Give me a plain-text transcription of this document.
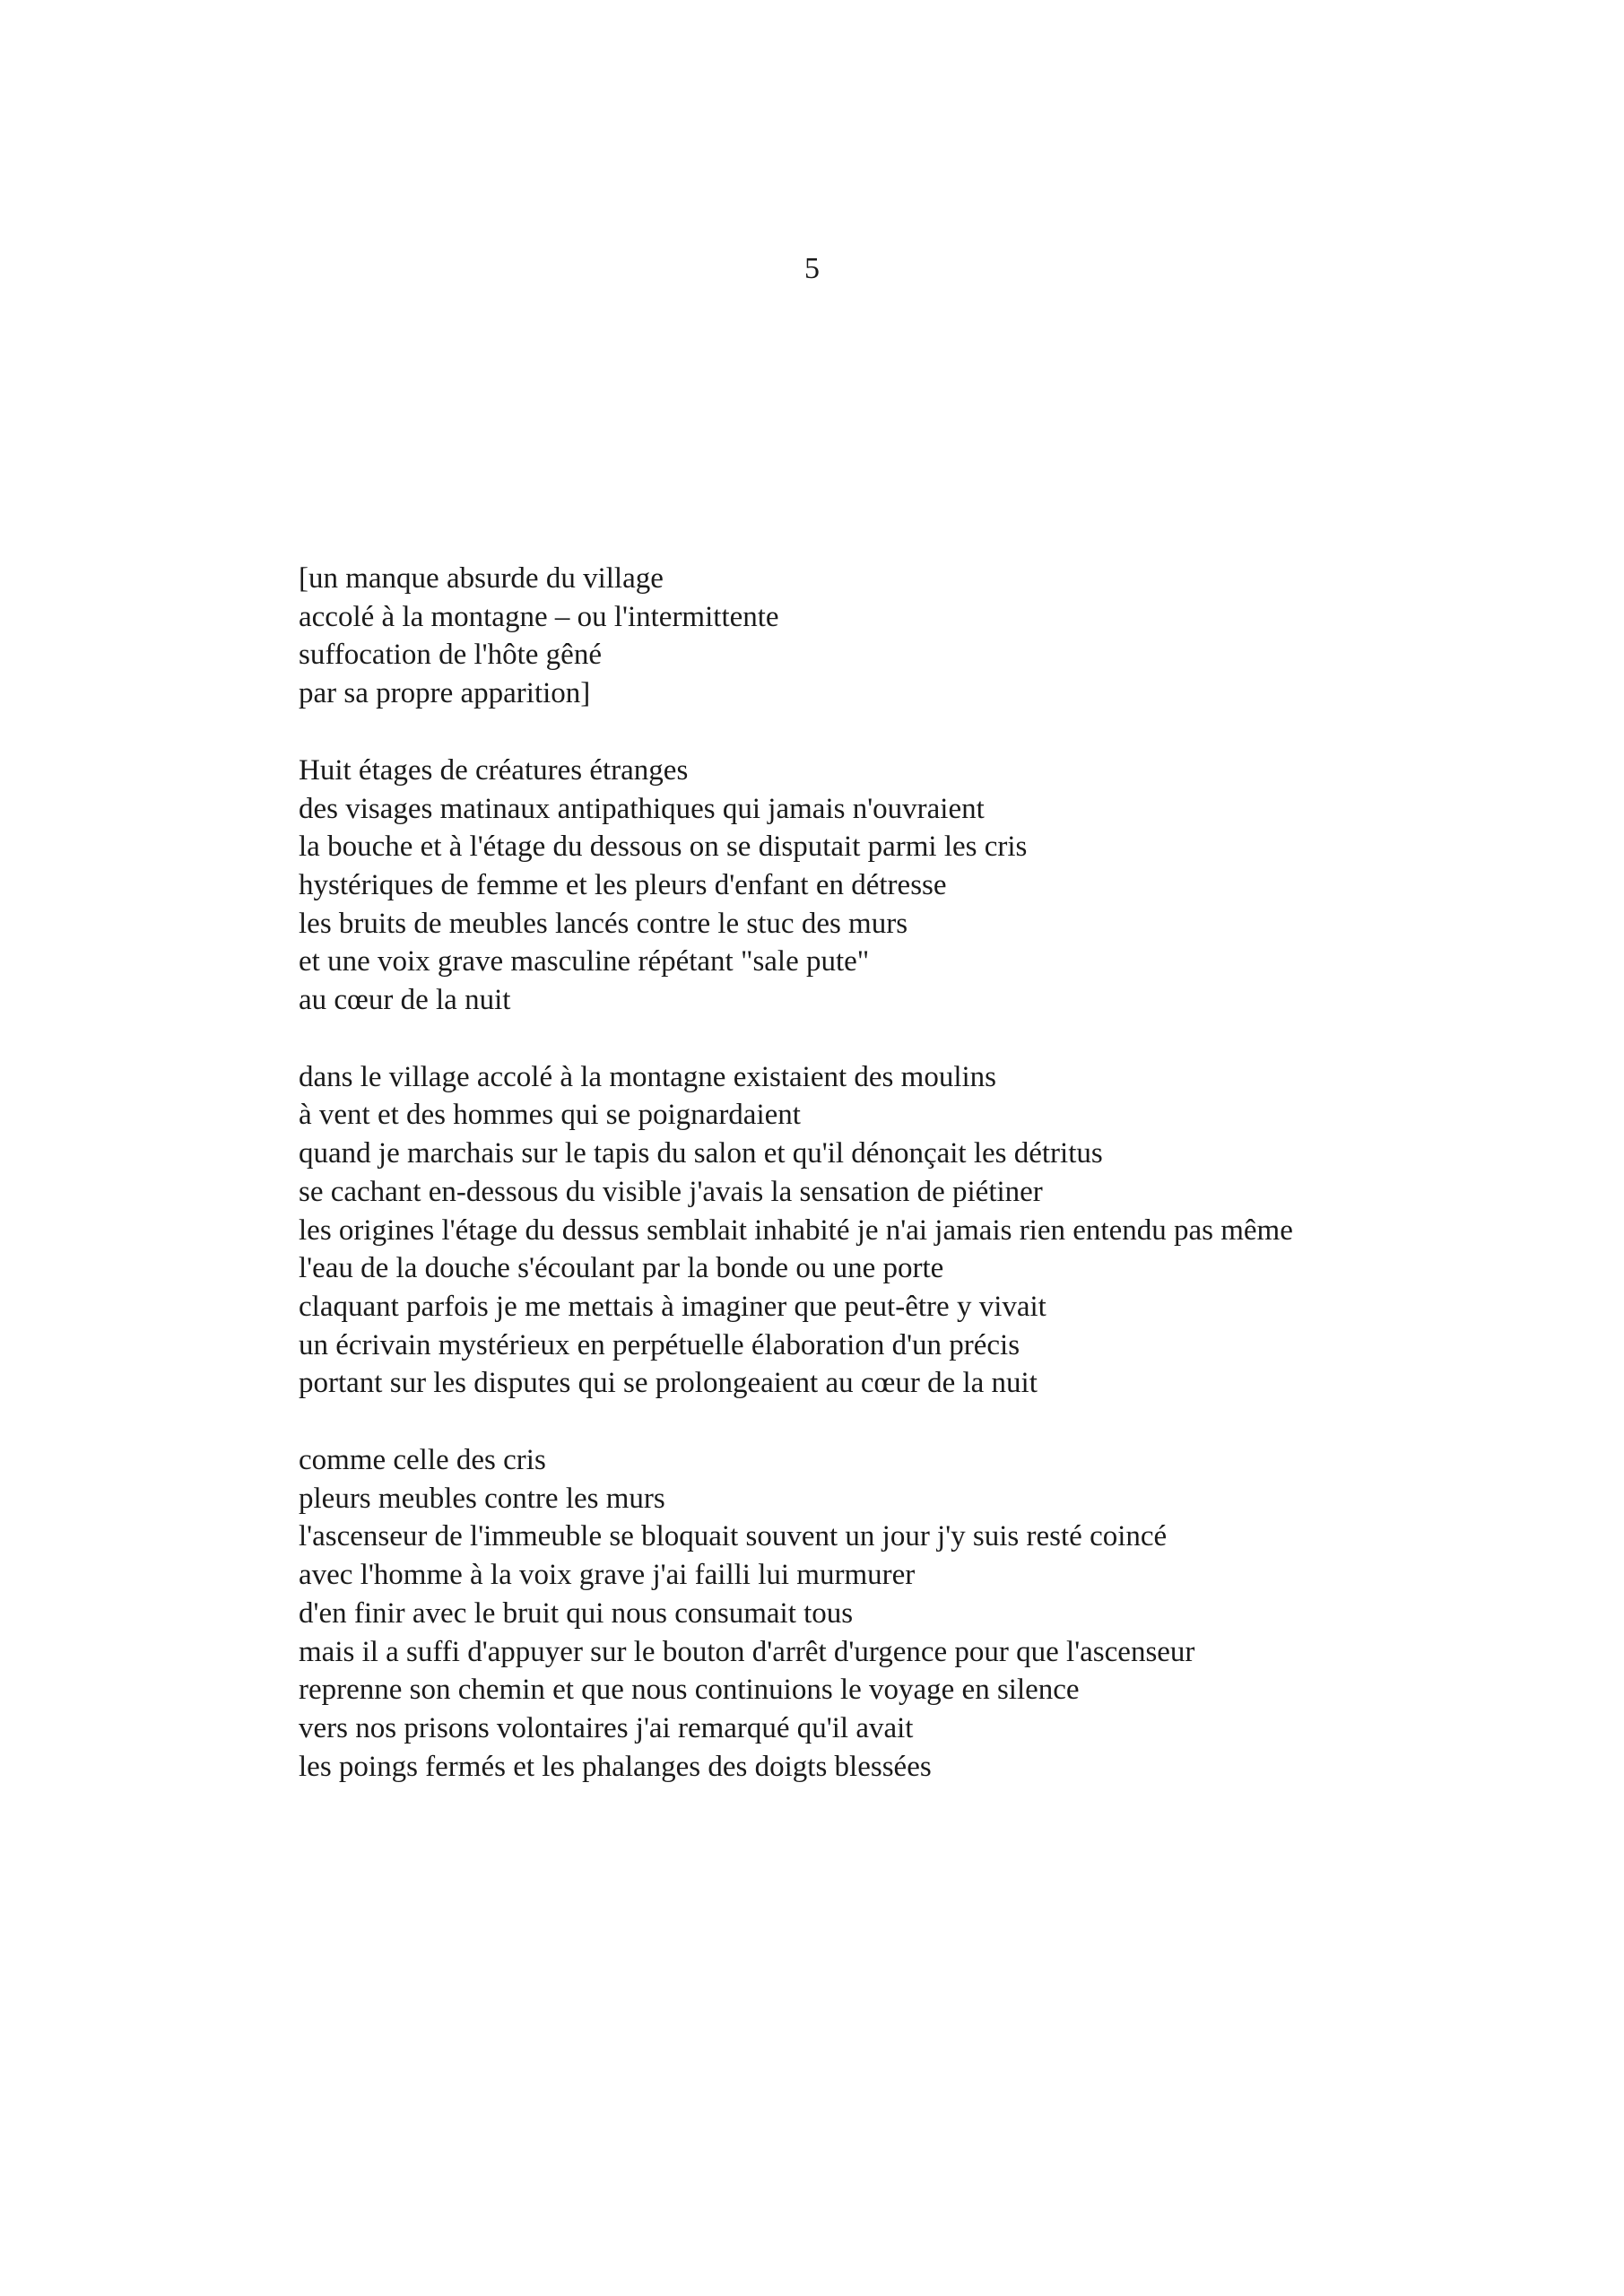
5
[un manque absurde du village
accolé à la montagne – ou l'intermittente
suffocation de l'hôte gêné
par sa propre apparition]
Huit étages de créatures étranges
des visages matinaux antipathiques qui jamais n'ouvraient
la bouche et à l'étage du dessous on se disputait parmi les cris
hystériques de femme et les pleurs d'enfant en détresse
les bruits de meubles lancés contre le stuc des murs
et une voix grave masculine répétant "sale pute"
au cœur de la nuit
dans le village accolé à la montagne existaient des moulins
à vent et des hommes qui se poignardaient
quand je marchais sur le tapis du salon et qu'il dénonçait les détritus
se cachant en-dessous du visible j'avais la sensation de piétiner
les origines l'étage du dessus semblait inhabité je n'ai jamais rien entendu pas même
l'eau de la douche s'écoulant par la bonde ou une porte
claquant parfois je me mettais à imaginer que peut-être y vivait
un écrivain mystérieux en perpétuelle élaboration d'un précis
portant sur les disputes qui se prolongeaient au cœur de la nuit
comme celle des cris
pleurs meubles contre les murs
l'ascenseur de l'immeuble se bloquait souvent un jour j'y suis resté coincé
avec l'homme à la voix grave j'ai failli lui murmurer
d'en finir avec le bruit qui nous consumait tous
mais il a suffi d'appuyer sur le bouton d'arrêt d'urgence pour que l'ascenseur
reprenne son chemin et que nous continuions le voyage en silence
vers nos prisons volontaires j'ai remarqué qu'il avait
les poings fermés et les phalanges des doigts blessées
